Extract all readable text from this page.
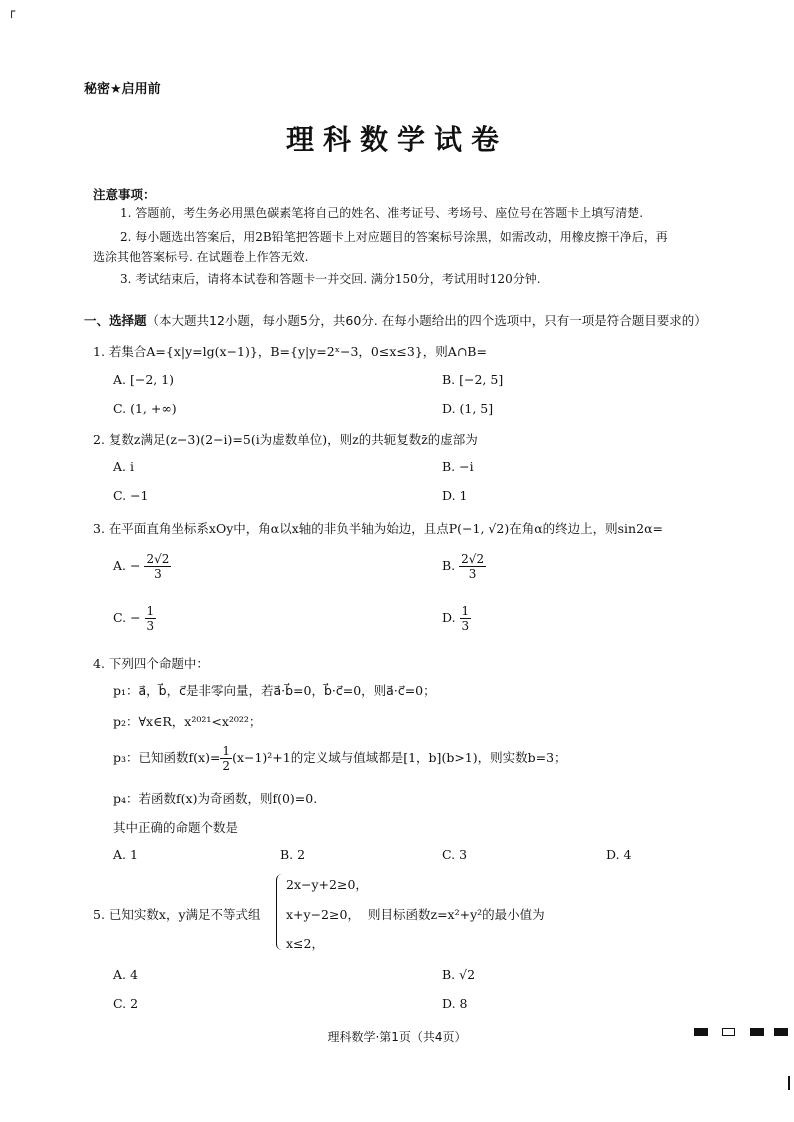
┌
秘密★启用前
理科数学试卷
注意事项：
1. 答题前，考生务必用黑色碳素笔将自己的姓名、准考证号、考场号、座位号在答题卡上填写清楚.
2. 每小题选出答案后，用2B铅笔把答题卡上对应题目的答案标号涂黑，如需改动，用橡皮擦干净后，再
选涂其他答案标号. 在试题卷上作答无效.
3. 考试结束后，请将本试卷和答题卡一并交回. 满分150分，考试用时120分钟.
一、选择题（本大题共12小题，每小题5分，共60分. 在每小题给出的四个选项中，只有一项是符合题目要求的）
1. 若集合A={x|y=lg(x−1)}，B={y|y=2ˣ−3，0≤x≤3}，则A∩B=
A. [−2, 1)	B. [−2, 5]
C. (1, +∞)	D. (1, 5]
2. 复数z满足(z−3)(2−i)=5(i为虚数单位)，则z的共轭复数z̄的虚部为
A. i	B. −i
C. −1	D. 1
3. 在平面直角坐标系xOy中，角α以x轴的非负半轴为始边，且点P(−1, √2)在角α的终边上，则sin2α=
A. − $\frac{2√2}{3}$	B. $\frac{2√2}{3}$
C. − $\frac{1}{3}$	D. $\frac{1}{3}$
4. 下列四个命题中：
p₁：a⃗，b⃗，c⃗是非零向量，若a⃗·b⃗=0，b⃗·c⃗=0，则a⃗·c⃗=0；
p₂：∀x∈R，x²⁰²¹<x²⁰²²；
p₃：已知函数$f(x)= \frac{1}{2} (x-1)^2+1$的定义域与值域都是[1，b](b>1)，则实数b=3；
p₄：若函数f(x)为奇函数，则f(0)=0.
其中正确的命题个数是
A. 1	B. 2	C. 3	D. 4
5. 已知实数x，y满足不等式组
2x−y+2≥0，
x+y−2≥0，
x≤2，
则目标函数z=x²+y²的最小值为
A. 4	B. √2
C. 2	D. 8
理科数学·第1页（共4页）
